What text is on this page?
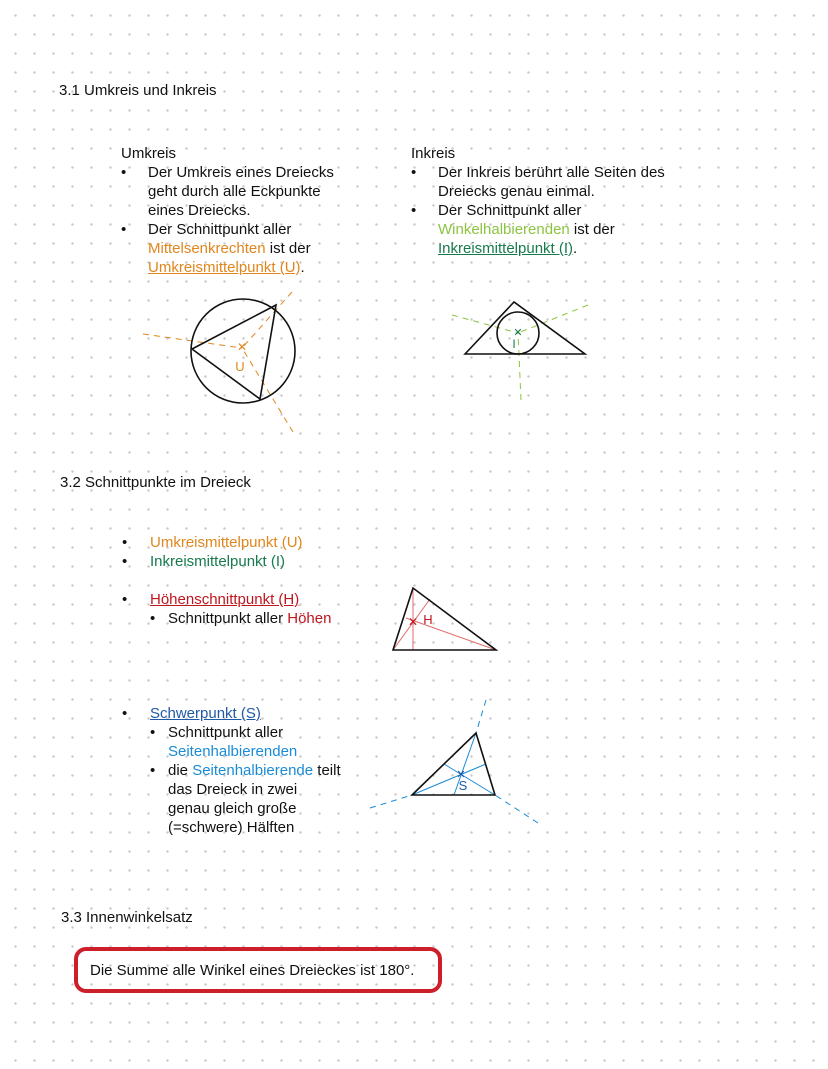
3.1 Umkreis und Inkreis
Umkreis
• Der Umkreis eines Dreiecks
geht durch alle Eckpunkte
eines Dreiecks.
• Der Schnittpunkt aller
Mittelsenkrechten ist der
Umkreismittelpunkt (U).
Inkreis
• Der Inkreis berührt alle Seiten des
Dreiecks genau einmal.
• Der Schnittpunkt aller
Winkelhalbierenden ist der
Inkreismittelpunkt (I).
✕
U
✕
I
3.2 Schnittpunkte im Dreieck
• Umkreismittelpunkt (U)
• Inkreismittelpunkt (I)
• Höhenschnittpunkt (H)
• Schnittpunkt aller Höhen	✕ H
• Schwerpunkt (S)
• Schnittpunkt aller
Seitenhalbierenden
• die Seitenhalbierende teilt
das Dreieck in zwei
genau gleich große
(=schwere) Hälften
✕
S
3.3 Innenwinkelsatz
Die Summe alle Winkel eines Dreieckes ist 180°.
